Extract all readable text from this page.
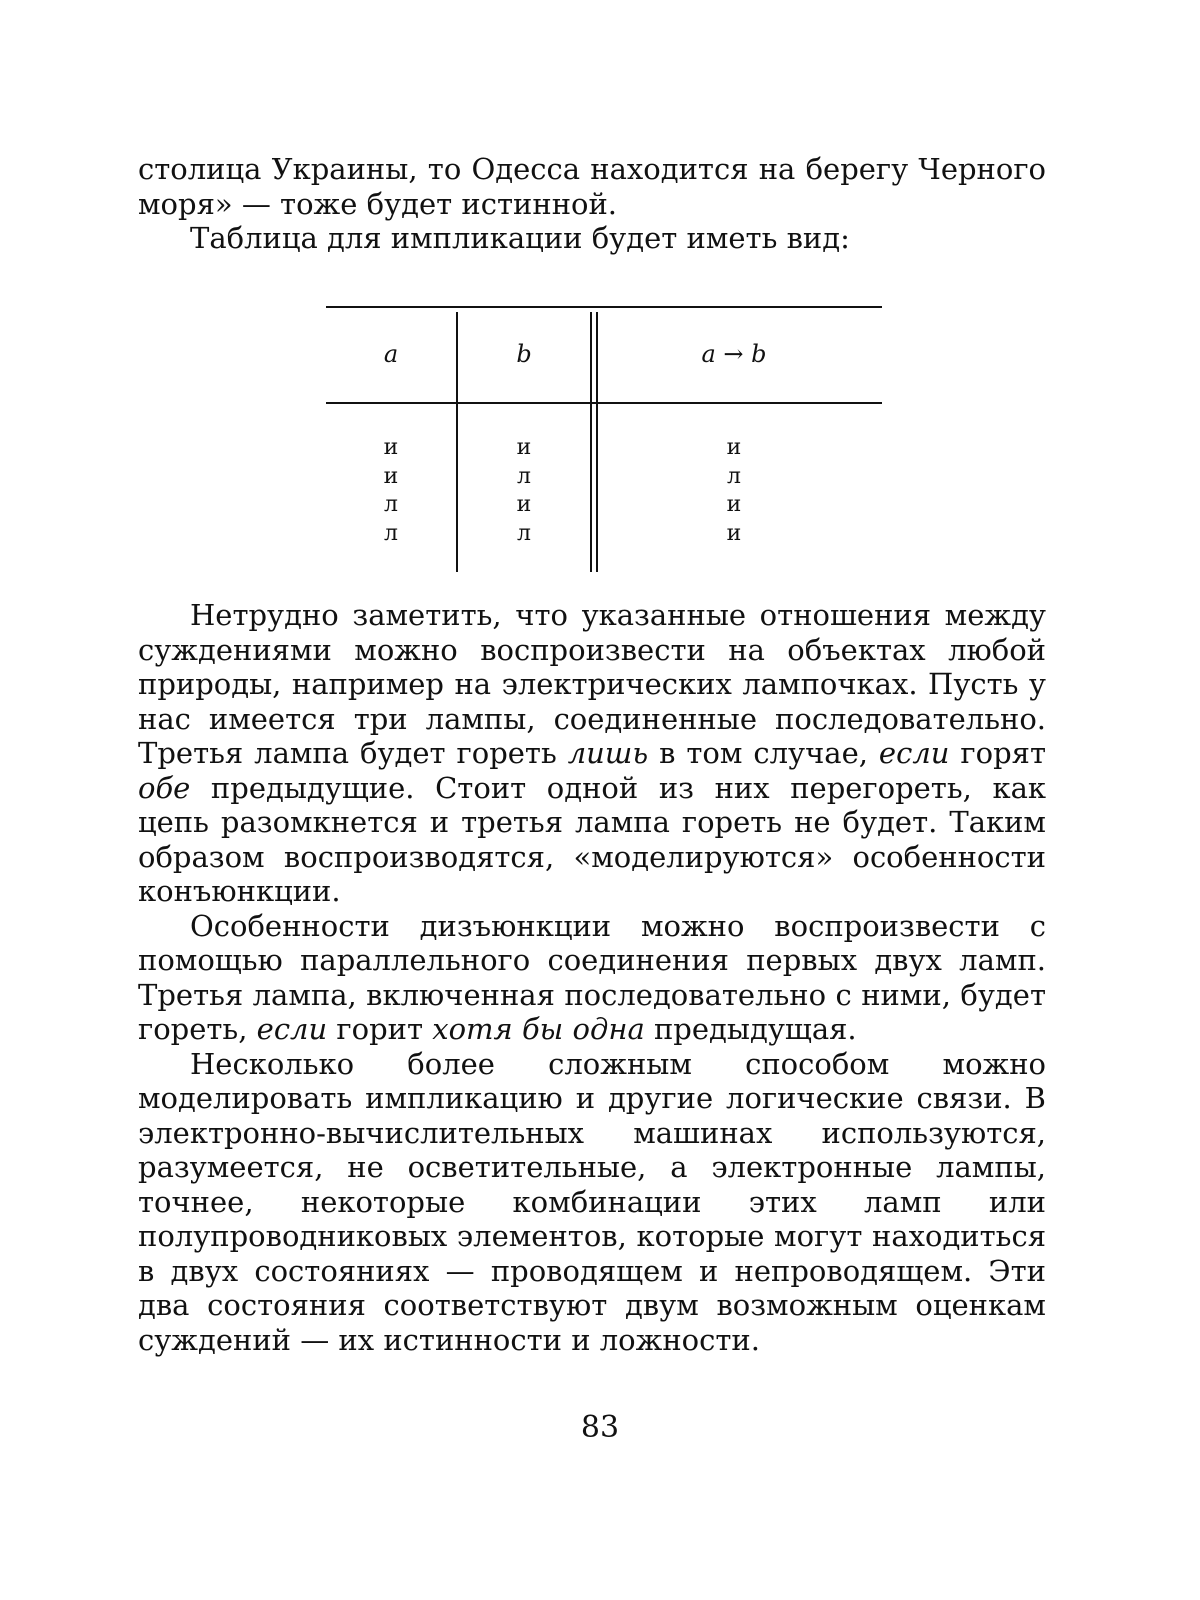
столица Украины, то Одесса находится на берегу Черного моря» — тоже будет истинной.

Таблица для импликации будет иметь вид:

a	b	a → b
и
и
л
л
и
л
и
л
и
л
и
и

Нетрудно заметить, что указанные отношения между суждениями можно воспроизвести на объектах любой природы, например на электрических лампочках. Пусть у нас имеется три лампы, соединенные последовательно. Третья лампа будет гореть лишь в том случае, если горят обе предыдущие. Стоит одной из них перегореть, как цепь разомкнется и третья лампа гореть не будет. Таким образом воспроизводятся, «моделируются» особенности конъюнкции.

Особенности дизъюнкции можно воспроизвести с помощью параллельного соединения первых двух ламп. Третья лампа, включенная последовательно с ними, будет гореть, если горит хотя бы одна предыдущая.

Несколько более сложным способом можно моделировать импликацию и другие логические связи. В электронно-вычислительных машинах используются, разумеется, не осветительные, а электронные лампы, точнее, некоторые комбинации этих ламп или полупроводниковых элементов, которые могут находиться в двух состояниях — проводящем и непроводящем. Эти два состояния соответствуют двум возможным оценкам суждений — их истинности и ложности.

83
